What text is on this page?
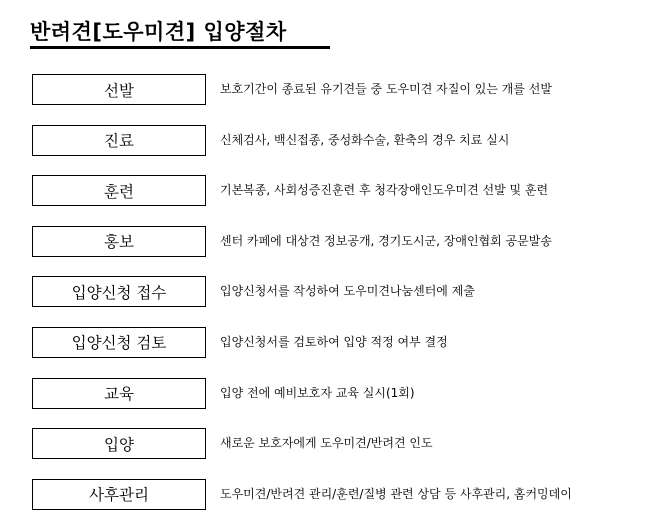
반려견[도우미견] 입양절차
선발	보호기간이 종료된 유기견들 중 도우미견 자질이 있는 개를 선발
진료	신체검사, 백신접종, 중성화수술, 환축의 경우 치료 실시
훈련	기본복종, 사회성증진훈련 후 청각장애인도우미견 선발 및 훈련
홍보	센터 카페에 대상견 정보공개, 경기도시군, 장애인협회 공문발송
입양신청 접수	입양신청서를 작성하여 도우미견나눔센터에 제출
입양신청 검토	입양신청서를 검토하여 입양 적정 여부 결정
교육	입양 전에 예비보호자 교육 실시(1회)
입양	새로운 보호자에게 도우미견/반려견 인도
사후관리	도우미견/반려견 관리/훈련/질병 관련 상담 등 사후관리, 홈커밍데이
